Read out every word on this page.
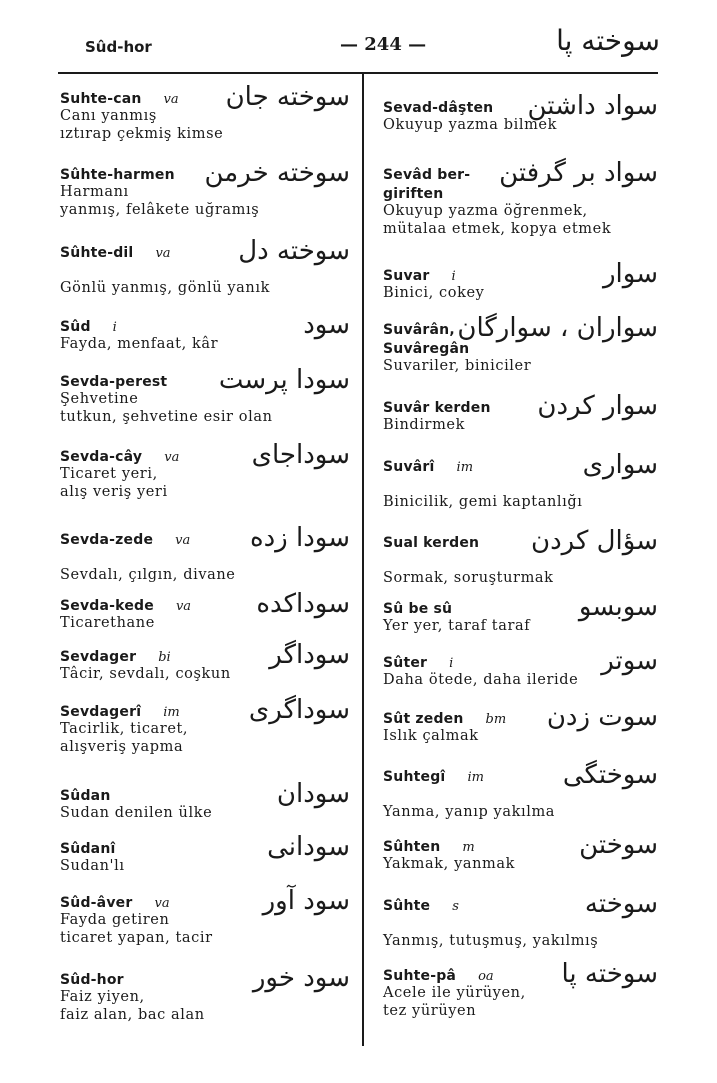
Sûd-hor	— 244 —	سوخته پا
Suhte-can va
Canı yanmış
ıztırap çekmiş kimse
سوخته جان
Sûhte-harmen
Harmanı
yanmış, felâkete uğramış
سوخته خرمن
Sûhte-dil va

Gönlü yanmış, gönlü yanık
سوخته دل
Sûd i
Fayda, menfaat, kâr
سود
Sevda-perest
Şehvetine
tutkun, şehvetine esir olan
سودا پرست
Sevda-cây va
Ticaret yeri,
alış veriş yeri
سوداجای
Sevda-zede va

Sevdalı, çılgın, divane
سودا زده
Sevda-kede va
Ticarethane
سوداكده
Sevdager bi
Tâcir, sevdalı, coşkun
سوداگر
Sevdagerî im
Tacirlik, ticaret,
alışveriş yapma
سوداگری
Sûdan
Sudan denilen ülke
سودان
Sûdanî
Sudan'lı
سودانی
Sûd-âver va
Fayda getiren
ticaret yapan, tacir
سود آور
Sûd-hor
Faiz yiyen,
faiz alan, bac alan
سود خور
Sevad-dâşten
Okuyup yazma bilmek
سواد داشتن
Sevâd ber-
giriften
Okuyup yazma öğrenmek,
mütalaa etmek, kopya etmek
سواد بر گرفتن
Suvar i
Binici, cokey
سوار
Suvârân,
Suvâregân
Suvariler, biniciler
سواران ، سوارگان
Suvâr kerden
Bindirmek
سوار كردن
Suvârî im

Binicilik, gemi kaptanlığı
سواری
Sual kerden

Sormak, soruşturmak
سؤال كردن
Sû be sû
Yer yer, taraf taraf
سوبسو
Sûter i
Daha ötede, daha ileride
سوتر
Sût zeden bm
Islık çalmak
سوت زدن
Suhtegî im

Yanma, yanıp yakılma
سوختگی
Sûhten m
Yakmak, yanmak
سوختن
Sûhte s

Yanmış, tutuşmuş, yakılmış
سوخته
Suhte-pâ oa
Acele ile yürüyen,
tez yürüyen
سوخته پا
